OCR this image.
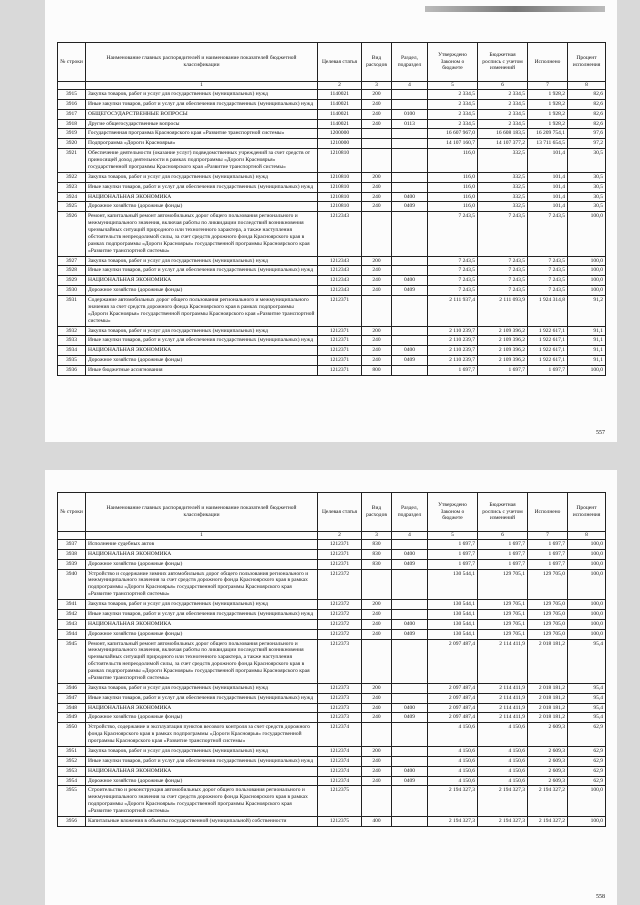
№ строки	Наименование главных распорядителей и наименование показателей бюджетной классификации	Целевая статья	Вид расходов	Раздел, подраздел	Утверждено Законом о бюджете	Бюджетная роспись с учетом изменений	Исполнено	Процент исполнения
	1	2	3	4	5	6	7	8
3915	Закупка товаров, работ и услуг для государственных (муниципальных) нужд	1140021	200		2 334,5	2 334,5	1 928,2	82,6
3916	Иные закупки товаров, работ и услуг для обеспечения государственных (муниципальных) нужд	1140021	240		2 334,5	2 334,5	1 928,2	82,6
3917	ОБЩЕГОСУДАРСТВЕННЫЕ ВОПРОСЫ	1140021	240	0100	2 334,5	2 334,5	1 928,2	82,6
3918	Другие общегосударственные вопросы	1140021	240	0113	2 334,5	2 334,5	1 928,2	82,6
3919	Государственная программа Красноярского края «Развитие транспортной системы»	1200000			16 607 967,0	16 608 183,5	16 209 754,1	97,6
3920	Подпрограмма «Дороги Красноярья»	1210000			14 107 160,7	14 107 377,2	13 711 654,5	97,2
3921	Обеспечение деятельности (оказание услуг) подведомственных учреждений за счет средств от приносящей доход деятельности в рамках подпрограммы «Дороги Красноярья» государственной программы Красноярского края «Развитие транспортной системы»	1210810			116,0	332,5	101,4	30,5
3922	Закупка товаров, работ и услуг для государственных (муниципальных) нужд	1210810	200		116,0	332,5	101,4	30,5
3923	Иные закупки товаров, работ и услуг для обеспечения государственных (муниципальных) нужд	1210810	240		116,0	332,5	101,4	30,5
3924	НАЦИОНАЛЬНАЯ ЭКОНОМИКА	1210810	240	0400	116,0	332,5	101,4	30,5
3925	Дорожное хозяйство (дорожные фонды)	1210810	240	0409	116,0	332,5	101,4	30,5
3926	Ремонт, капитальный ремонт автомобильных дорог общего пользования регионального и межмуниципального значения, включая работы по ликвидации последствий возникновения чрезвычайных ситуаций природного или техногенного характера, а также наступления обстоятельств непреодолимой силы, за счет средств дорожного фонда Красноярского края в рамках подпрограммы «Дороги Красноярья» государственной программы Красноярского края «Развитие транспортной системы»	1212343			7 243,5	7 243,5	7 243,5	100,0
3927	Закупка товаров, работ и услуг для государственных (муниципальных) нужд	1212343	200		7 243,5	7 243,5	7 243,5	100,0
3928	Иные закупки товаров, работ и услуг для обеспечения государственных (муниципальных) нужд	1212343	240		7 243,5	7 243,5	7 243,5	100,0
3929	НАЦИОНАЛЬНАЯ ЭКОНОМИКА	1212343	240	0400	7 243,5	7 243,5	7 243,5	100,0
3930	Дорожное хозяйство (дорожные фонды)	1212343	240	0409	7 243,5	7 243,5	7 243,5	100,0
3931	Содержание автомобильных дорог общего пользования регионального и межмуниципального значения за счет средств дорожного фонда Красноярского края в рамках подпрограммы «Дороги Красноярья» государственной программы Красноярского края «Развитие транспортной системы»	1212371			2 111 937,4	2 111 093,9	1 924 314,8	91,2
3932	Закупка товаров, работ и услуг для государственных (муниципальных) нужд	1212371	200		2 110 239,7	2 109 396,2	1 922 617,1	91,1
3933	Иные закупки товаров, работ и услуг для обеспечения государственных (муниципальных) нужд	1212371	240		2 110 239,7	2 109 396,2	1 922 617,1	91,1
3934	НАЦИОНАЛЬНАЯ ЭКОНОМИКА	1212371	240	0400	2 110 239,7	2 109 396,2	1 922 617,1	91,1
3935	Дорожное хозяйство (дорожные фонды)	1212371	240	0409	2 110 239,7	2 109 396,2	1 922 617,1	91,1
3936	Иные бюджетные ассигнования	1212371	800		1 697,7	1 697,7	1 697,7	100,0
557
№ строки	Наименование главных распорядителей и наименование показателей бюджетной классификации	Целевая статья	Вид расходов	Раздел, подраздел	Утверждено Законом о бюджете	Бюджетная роспись с учетом изменений	Исполнено	Процент исполнения
	1	2	3	4	5	6	7	8
3937	Исполнение судебных актов	1212371	830		1 697,7	1 697,7	1 697,7	100,0
3938	НАЦИОНАЛЬНАЯ ЭКОНОМИКА	1212371	830	0400	1 697,7	1 697,7	1 697,7	100,0
3939	Дорожное хозяйство (дорожные фонды)	1212371	830	0409	1 697,7	1 697,7	1 697,7	100,0
3940	Устройство и содержание зимних автомобильных дорог общего пользования регионального и межмуниципального значения за счет средств дорожного фонда Красноярского края в рамках подпрограммы «Дороги Красноярья» государственной программы Красноярского края «Развитие транспортной системы»	1212372			130 544,1	129 705,1	129 705,0	100,0
3941	Закупка товаров, работ и услуг для государственных (муниципальных) нужд	1212372	200		130 544,1	129 705,1	129 705,0	100,0
3942	Иные закупки товаров, работ и услуг для обеспечения государственных (муниципальных) нужд	1212372	240		130 544,1	129 705,1	129 705,0	100,0
3943	НАЦИОНАЛЬНАЯ ЭКОНОМИКА	1212372	240	0400	130 544,1	129 705,1	129 705,0	100,0
3944	Дорожное хозяйство (дорожные фонды)	1212372	240	0409	130 544,1	129 705,1	129 705,0	100,0
3945	Ремонт, капитальный ремонт автомобильных дорог общего пользования регионального и межмуниципального значения, включая работы по ликвидации последствий возникновения чрезвычайных ситуаций природного или техногенного характера, а также наступления обстоятельств непреодолимой силы, за счет средств дорожного фонда Красноярского края в рамках подпрограммы «Дороги Красноярья» государственной программы Красноярского края «Развитие транспортной системы»	1212373			2 097 487,4	2 114 411,9	2 018 181,2	95,4
3946	Закупка товаров, работ и услуг для государственных (муниципальных) нужд	1212373	200		2 097 487,4	2 114 411,9	2 018 181,2	95,4
3947	Иные закупки товаров, работ и услуг для обеспечения государственных (муниципальных) нужд	1212373	240		2 097 487,4	2 114 411,9	2 018 181,2	95,4
3948	НАЦИОНАЛЬНАЯ ЭКОНОМИКА	1212373	240	0400	2 097 487,4	2 114 411,9	2 018 181,2	95,4
3949	Дорожное хозяйство (дорожные фонды)	1212373	240	0409	2 097 487,4	2 114 411,9	2 018 181,2	95,4
3950	Устройство, содержание и эксплуатация пунктов весового контроля за счет средств дорожного фонда Красноярского края в рамках подпрограммы «Дороги Красноярья» государственной программы Красноярского края «Развитие транспортной системы»	1212374			4 150,6	4 150,6	2 609,3	62,9
3951	Закупка товаров, работ и услуг для государственных (муниципальных) нужд	1212374	200		4 150,6	4 150,6	2 609,3	62,9
3952	Иные закупки товаров, работ и услуг для обеспечения государственных (муниципальных) нужд	1212374	240		4 150,6	4 150,6	2 609,3	62,9
3953	НАЦИОНАЛЬНАЯ ЭКОНОМИКА	1212374	240	0400	4 150,6	4 150,6	2 609,3	62,9
3954	Дорожное хозяйство (дорожные фонды)	1212374	240	0409	4 150,6	4 150,6	2 609,3	62,9
3955	Строительство и реконструкция автомобильных дорог общего пользования регионального и межмуниципального значения за счет средств дорожного фонда Красноярского края в рамках подпрограммы «Дороги Красноярья» государственной программы Красноярского края «Развитие транспортной системы»	1212375			2 194 327,3	2 194 327,3	2 194 327,2	100,0
3956	Капитальные вложения в объекты государственной (муниципальной) собственности	1212375	400		2 194 327,3	2 194 327,3	2 194 327,2	100,0
558
